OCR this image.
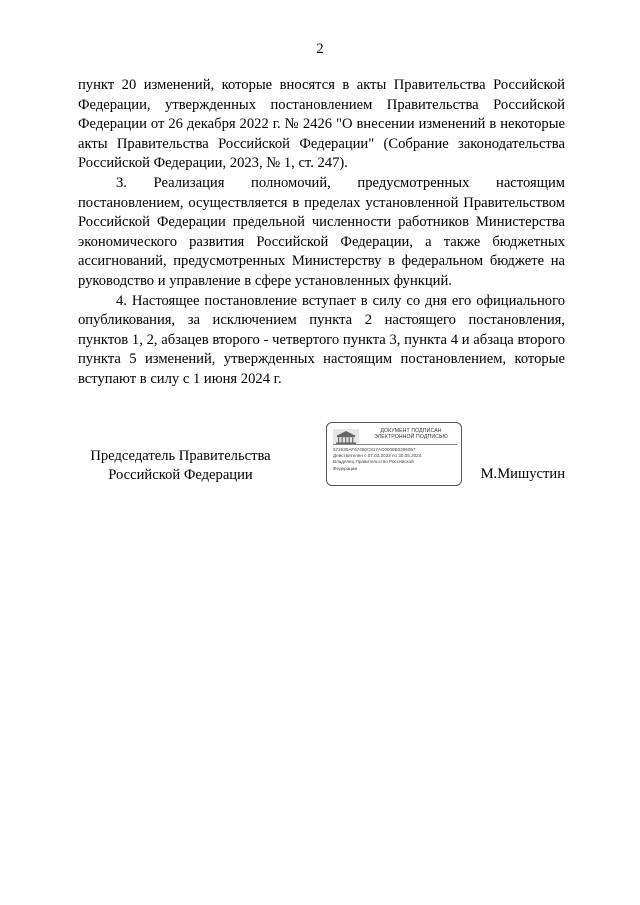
2

пункт 20 изменений, которые вносятся в акты Правительства Российской Федерации, утвержденных постановлением Правительства Российской Федерации от 26 декабря 2022 г. № 2426 "О внесении изменений в некоторые акты Правительства Российской Федерации" (Собрание законодательства Российской Федерации, 2023, № 1, ст. 247).

3. Реализация полномочий, предусмотренных настоящим постановлением, осуществляется в пределах установленной Правительством Российской Федерации предельной численности работников Министерства экономического развития Российской Федерации, а также бюджетных ассигнований, предусмотренных Министерству в федеральном бюджете на руководство и управление в сфере установленных функций.

4. Настоящее постановление вступает в силу со дня его официального опубликования, за исключением пункта 2 настоящего постановления, пунктов 1, 2, абзацев второго - четвертого пункта 3, пункта 4 и абзаца второго пункта 5 изменений, утвержденных настоящим постановлением, которые вступают в силу с 1 июня 2024 г.

Председатель Правительства
Российской Федерации
ДОКУМЕНТ ПОДПИСАН
ЭЛЕКТРОННОЙ ПОДПИСЬЮ
572630AF67456C817AC0008B0396057
Действителен с 07.03.2023 по 30.05.2024
Владелец Правительство Российской
Федерации	М.Мишустин
